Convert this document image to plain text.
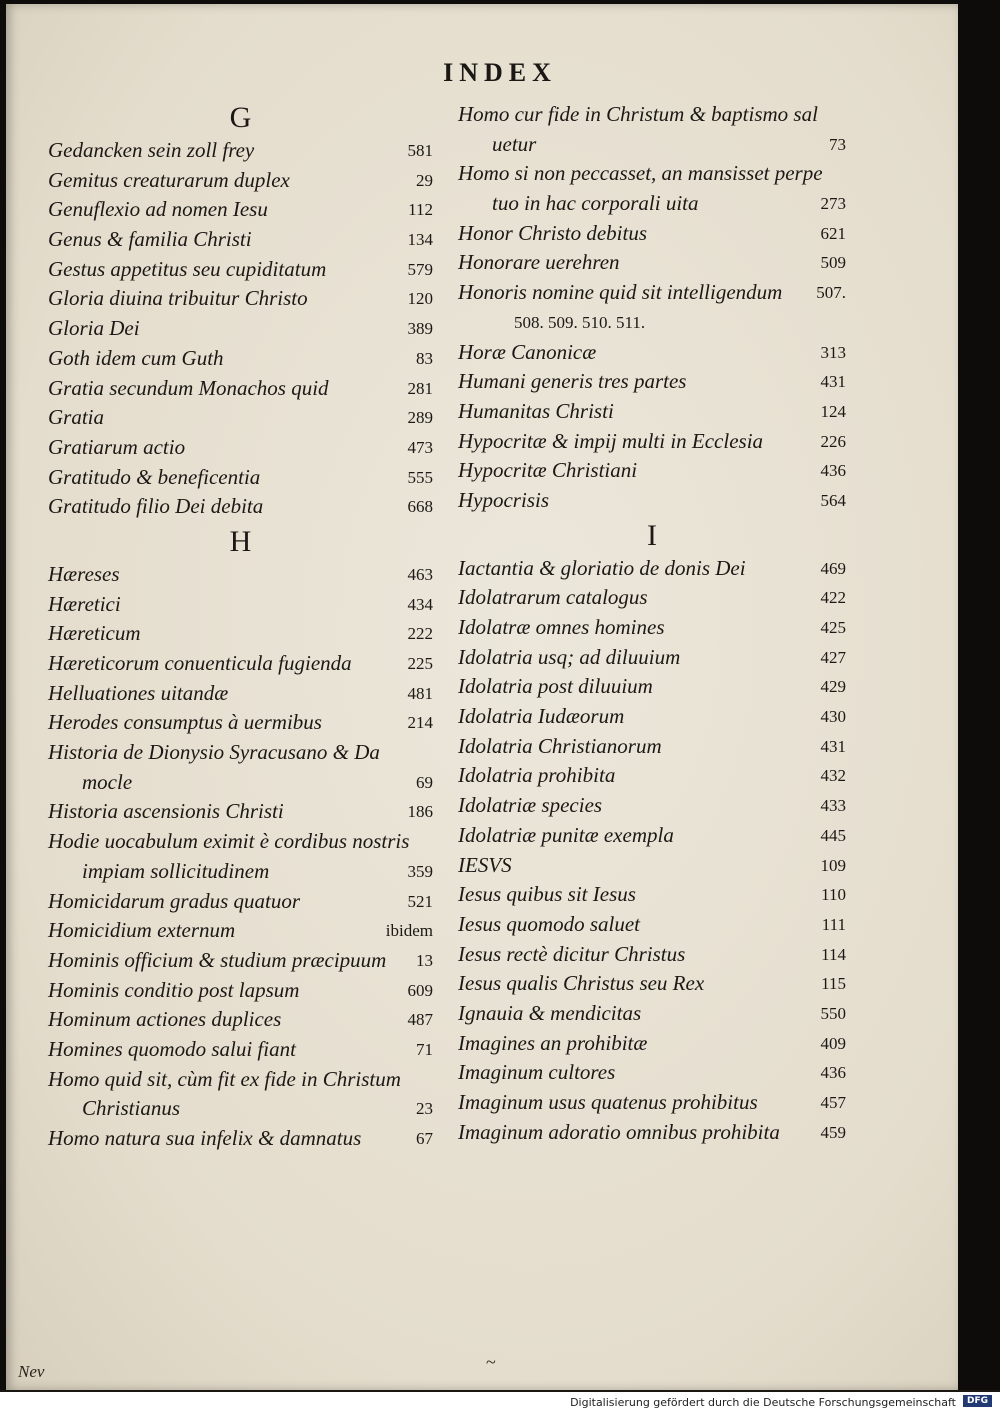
INDEX
G
Gedancken sein zoll frey	581
Gemitus creaturarum duplex	29
Genuflexio ad nomen Iesu	112
Genus & familia Christi	134
Gestus appetitus seu cupiditatum	579
Gloria diuina tribuitur Christo	120
Gloria Dei	389
Goth idem cum Guth	83
Gratia secundum Monachos quid	281
Gratia	289
Gratiarum actio	473
Gratitudo & beneficentia	555
Gratitudo filio Dei debita	668
H
Hæreses	463
Hæretici	434
Hæreticum	222
Hæreticorum conuenticula fugienda	225
Helluationes uitandæ	481
Herodes consumptus à uermibus	214
Historia de Dionysio Syracusano & Da
mocle	69
Historia ascensionis Christi	186
Hodie uocabulum eximit è cordibus nostris
impiam sollicitudinem	359
Homicidarum gradus quatuor	521
Homicidium externum	ibidem
Hominis officium & studium præcipuum 13
Hominis conditio post lapsum	609
Hominum actiones duplices	487
Homines quomodo salui fiant	71
Homo quid sit, cùm fit ex fide in Christum
Christianus	23
Homo natura sua infelix & damnatus	67
Homo cur fide in Christum & baptismo sal
uetur	73
Homo si non peccasset, an mansisset perpe
tuo in hac corporali uita	273
Honor Christo debitus	621
Honorare uerehren	509
Honoris nomine quid sit intelligendum 507.
508. 509. 510. 511.
Horæ Canonicæ	313
Humani generis tres partes	431
Humanitas Christi	124
Hypocritæ & impij multi in Ecclesia	226
Hypocritæ Christiani	436
Hypocrisis	564
I
Iactantia & gloriatio de donis Dei	469
Idolatrarum catalogus	422
Idolatræ omnes homines	425
Idolatria usq; ad diluuium	427
Idolatria post diluuium	429
Idolatria Iudæorum	430
Idolatria Christianorum	431
Idolatria prohibita	432
Idolatriæ species	433
Idolatriæ punitæ exempla	445
IESVS	109
Iesus quibus sit Iesus	110
Iesus quomodo saluet	111
Iesus rectè dicitur Christus	114
Iesus qualis Christus seu Rex	115
Ignauia & mendicitas	550
Imagines an prohibitæ	409
Imaginum cultores	436
Imaginum usus quatenus prohibitus	457
Imaginum adoratio omnibus prohibita 459
Nev	~
Digitalisierung gefördert durch die Deutsche Forschungsgemeinschaft	DFG
